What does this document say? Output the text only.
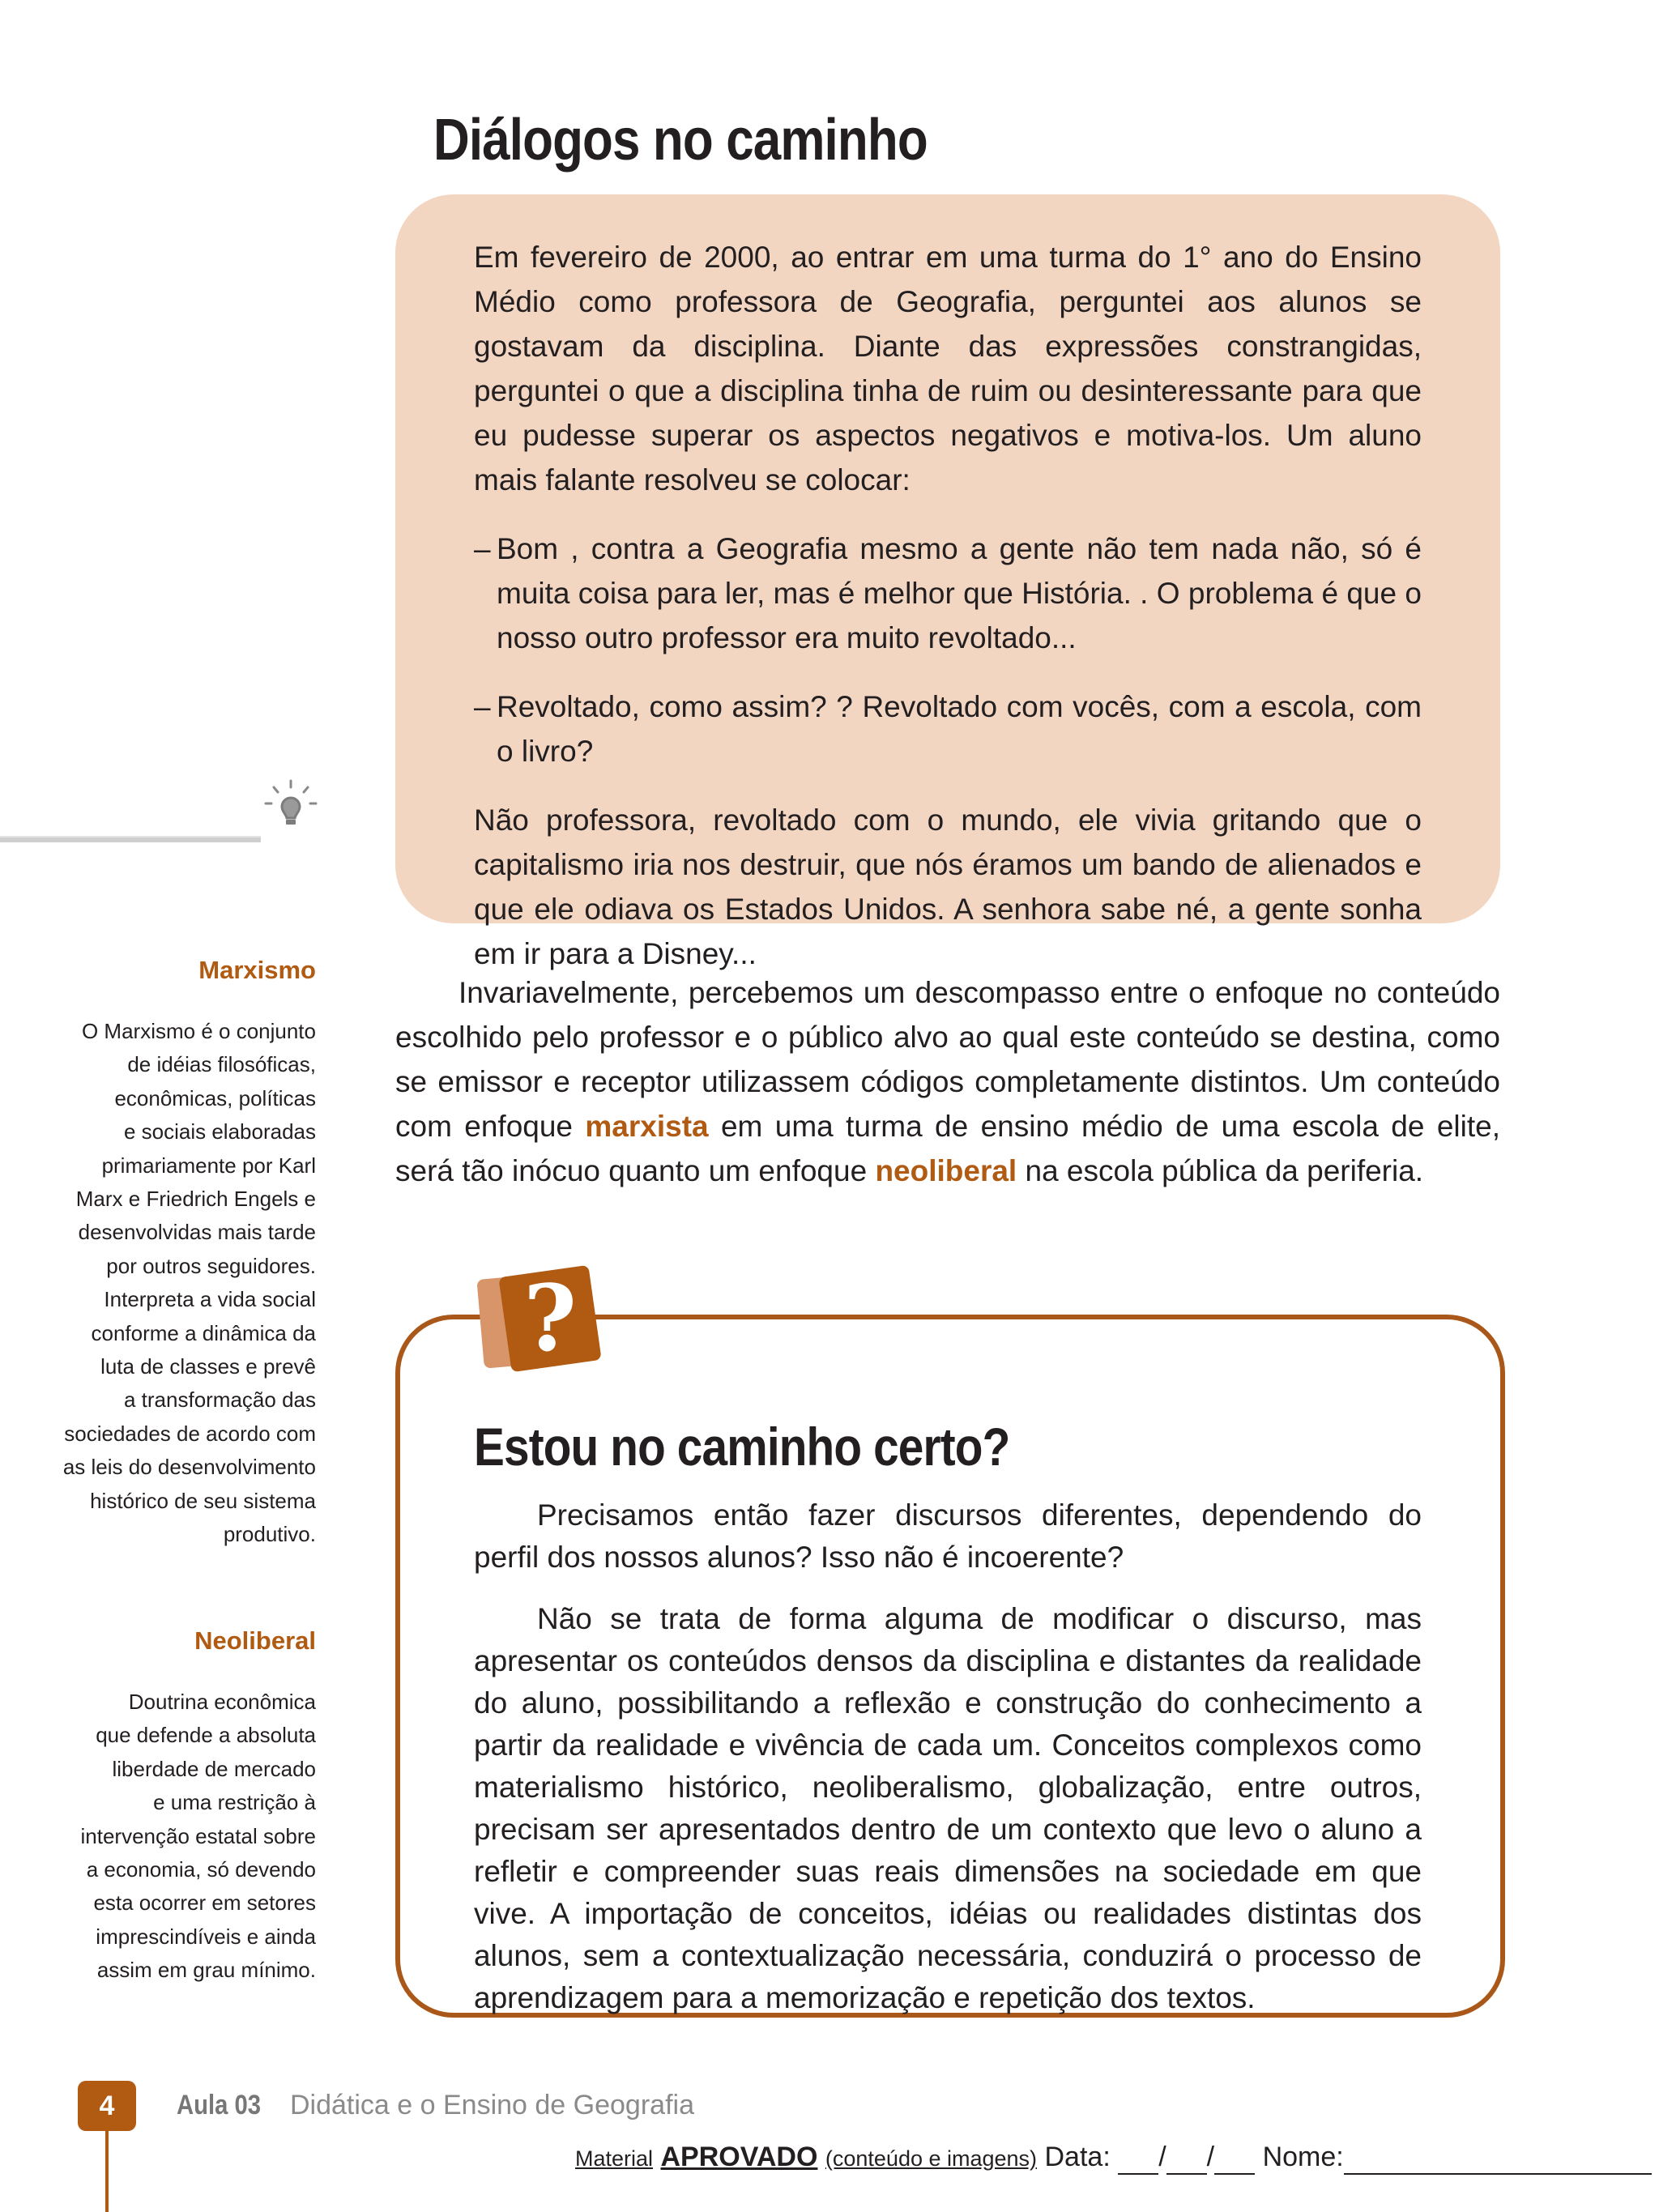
Diálogos no caminho

Em fevereiro de 2000, ao entrar em uma turma do 1° ano do Ensino Médio como professora de Geografia, perguntei aos alunos se gostavam da disciplina. Diante das expressões constrangidas, perguntei o que a disciplina tinha de ruim ou desinteressante para que eu pudesse superar os aspectos negativos e motiva-los. Um aluno mais falante resolveu se colocar:

– Bom , contra a Geografia mesmo a gente não tem nada não, só é muita coisa para ler, mas é melhor que História. . O problema é que o nosso outro professor era muito revoltado...
– Revoltado, como assim? ? Revoltado com vocês, com a escola, com o livro?

Não professora, revoltado com o mundo, ele vivia gritando que o capitalismo iria nos destruir, que nós éramos um bando de alienados e que ele odiava os Estados Unidos. A senhora sabe né, a gente sonha em ir para a Disney...

Invariavelmente, percebemos um descompasso entre o enfoque no conteúdo escolhido pelo professor e o público alvo ao qual este conteúdo se destina, como se emissor e receptor utilizassem códigos completamente distintos. Um conteúdo com enfoque marxista em uma turma de ensino médio de uma escola de elite, será tão inócuo quanto um enfoque neoliberal na escola pública da periferia.

Marxismo
O Marxismo é o conjunto
de idéias filosóficas,
econômicas, políticas
e sociais elaboradas
primariamente por Karl
Marx e Friedrich Engels e
desenvolvidas mais tarde
por outros seguidores.
Interpreta a vida social
conforme a dinâmica da
luta de classes e prevê
a transformação das
sociedades de acordo com
as leis do desenvolvimento
histórico de seu sistema
produtivo.
Neoliberal
Doutrina econômica
que defende a absoluta
liberdade de mercado
e uma restrição à
intervenção estatal sobre
a economia, só devendo
esta ocorrer em setores
imprescindíveis e ainda
assim em grau mínimo.
?
Estou no caminho certo?

Precisamos então fazer discursos diferentes, dependendo do perfil dos nossos alunos? Isso não é incoerente?

Não se trata de forma alguma de modificar o discurso, mas apresentar os conteúdos densos da disciplina e distantes da realidade do aluno, possibilitando a reflexão e construção do conhecimento a partir da realidade e vivência de cada um. Conceitos complexos como materialismo histórico, neoliberalismo, globalização, entre outros, precisam ser apresentados dentro de um contexto que levo o aluno a refletir e compreender suas reais dimensões na sociedade em que vive. A importação de conceitos, idéias ou realidades distintas dos alunos, sem a contextualização necessária, conduzirá o processo de aprendizagem para a memorização e repetição dos textos.

4	Aula 03 Didática e o Ensino de Geografia
Material APROVADO (conteúdo e imagens) Data: / / Nome:
